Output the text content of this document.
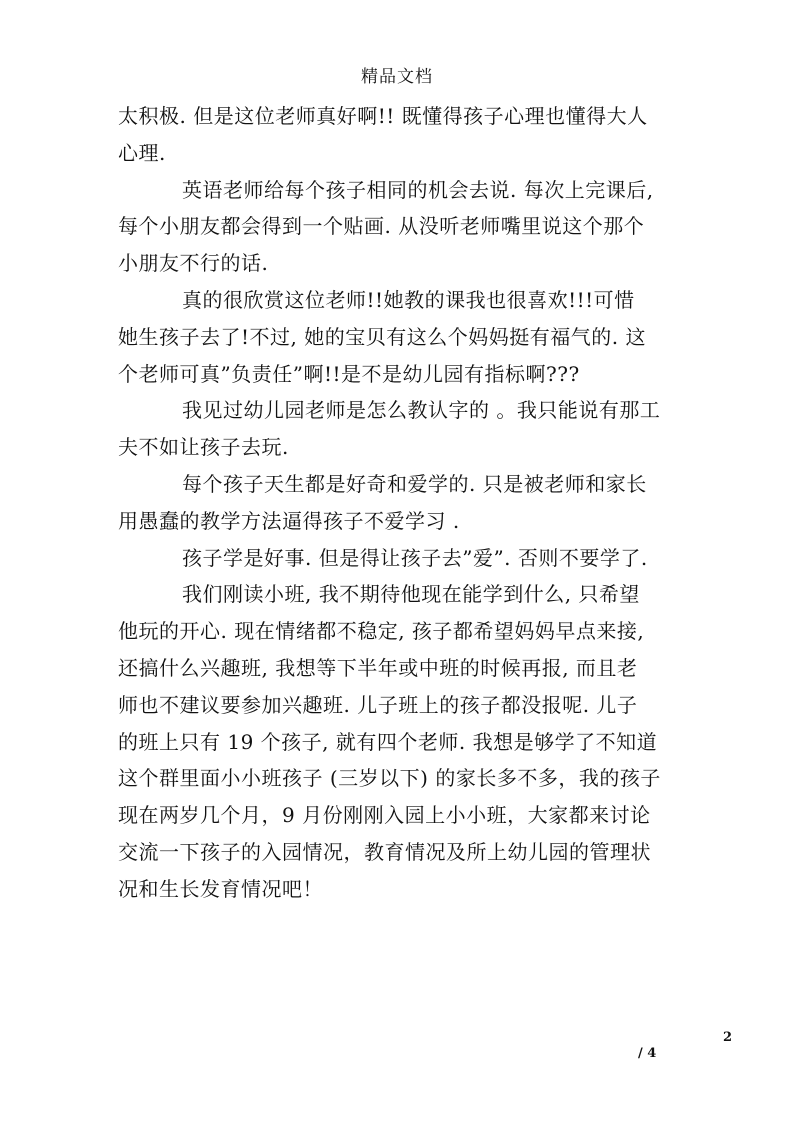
精品文档
太积极. 但是这位老师真好啊!! 既懂得孩子心理也懂得大人
心理.
英语老师给每个孩子相同的机会去说. 每次上完课后,
每个小朋友都会得到一个贴画. 从没听老师嘴里说这个那个
小朋友不行的话.
真的很欣赏这位老师!!她教的课我也很喜欢!!!可惜
她生孩子去了!不过, 她的宝贝有这么个妈妈挺有福气的. 这
个老师可真”负责任”啊!!是不是幼儿园有指标啊???
我见过幼儿园老师是怎么教认字的 。我只能说有那工
夫不如让孩子去玩.
每个孩子天生都是好奇和爱学的. 只是被老师和家长
用愚蠢的教学方法逼得孩子不爱学习 .
孩子学是好事. 但是得让孩子去”爱”. 否则不要学了.
我们刚读小班, 我不期待他现在能学到什么, 只希望
他玩的开心. 现在情绪都不稳定, 孩子都希望妈妈早点来接,
还搞什么兴趣班, 我想等下半年或中班的时候再报, 而且老
师也不建议要参加兴趣班. 儿子班上的孩子都没报呢. 儿子
的班上只有 19 个孩子, 就有四个老师. 我想是够学了不知道
这个群里面小小班孩子 (三岁以下) 的家长多不多，我的孩子
现在两岁几个月，9 月份刚刚入园上小小班，大家都来讨论
交流一下孩子的入园情况，教育情况及所上幼儿园的管理状
况和生长发育情况吧！
2
/ 4
